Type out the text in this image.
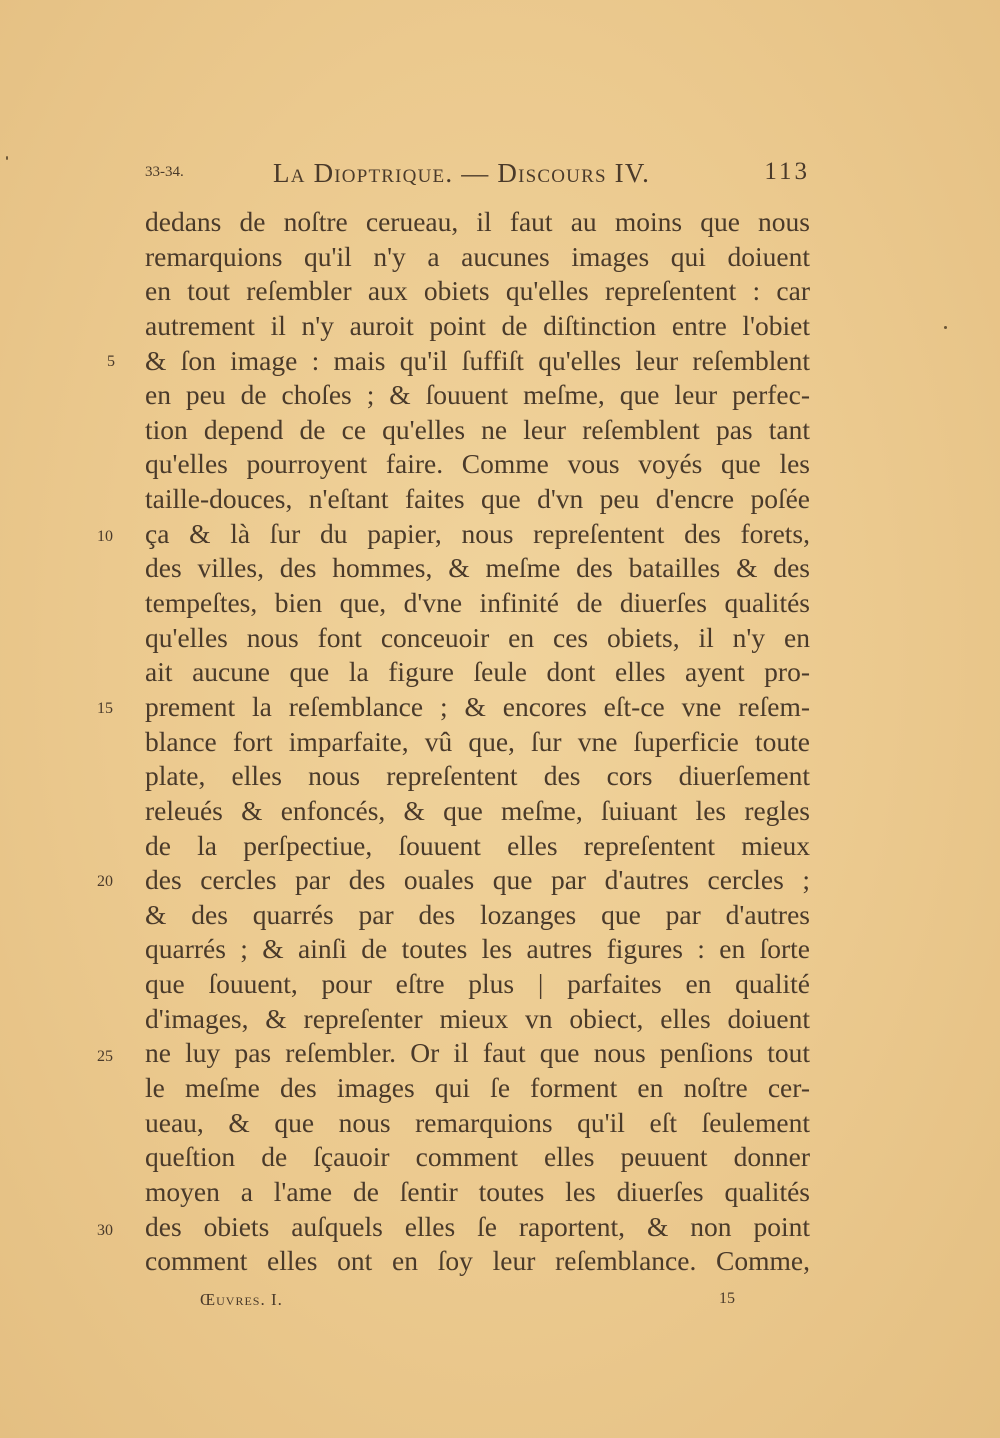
33-34.	La Dioptrique. — Discours IV.	113
dedans de noſtre cerueau, il faut au moins que nous
remarquions qu'il n'y a aucunes images qui doiuent
en tout reſembler aux obiets qu'elles repreſentent : car
autrement il n'y auroit point de diſtinction entre l'obiet
& ſon image : mais qu'il ſuffiſt qu'elles leur reſemblent
en peu de choſes ; & ſouuent meſme, que leur perfec-
tion depend de ce qu'elles ne leur reſemblent pas tant
qu'elles pourroyent faire. Comme vous voyés que les
taille-douces, n'eſtant faites que d'vn peu d'encre poſée
ça & là ſur du papier, nous repreſentent des forets,
des villes, des hommes, & meſme des batailles & des
tempeſtes, bien que, d'vne infinité de diuerſes qualités
qu'elles nous font conceuoir en ces obiets, il n'y en
ait aucune que la figure ſeule dont elles ayent pro-
prement la reſemblance ; & encores eſt-ce vne reſem-
blance fort imparfaite, vû que, ſur vne ſuperficie toute
plate, elles nous repreſentent des cors diuerſement
releués & enfoncés, & que meſme, ſuiuant les regles
de la perſpectiue, ſouuent elles repreſentent mieux
des cercles par des ouales que par d'autres cercles ;
& des quarrés par des lozanges que par d'autres
quarrés ; & ainſi de toutes les autres figures : en ſorte
que ſouuent, pour eſtre plus | parfaites en qualité
d'images, & repreſenter mieux vn obiect, elles doiuent
ne luy pas reſembler. Or il faut que nous penſions tout
le meſme des images qui ſe forment en noſtre cer-
ueau, & que nous remarquions qu'il eſt ſeulement
queſtion de ſçauoir comment elles peuuent donner
moyen a l'ame de ſentir toutes les diuerſes qualités
des obiets auſquels elles ſe raportent, & non point
comment elles ont en ſoy leur reſemblance. Comme,
5
10
15
20
25
30
Œuvres. I.	15
